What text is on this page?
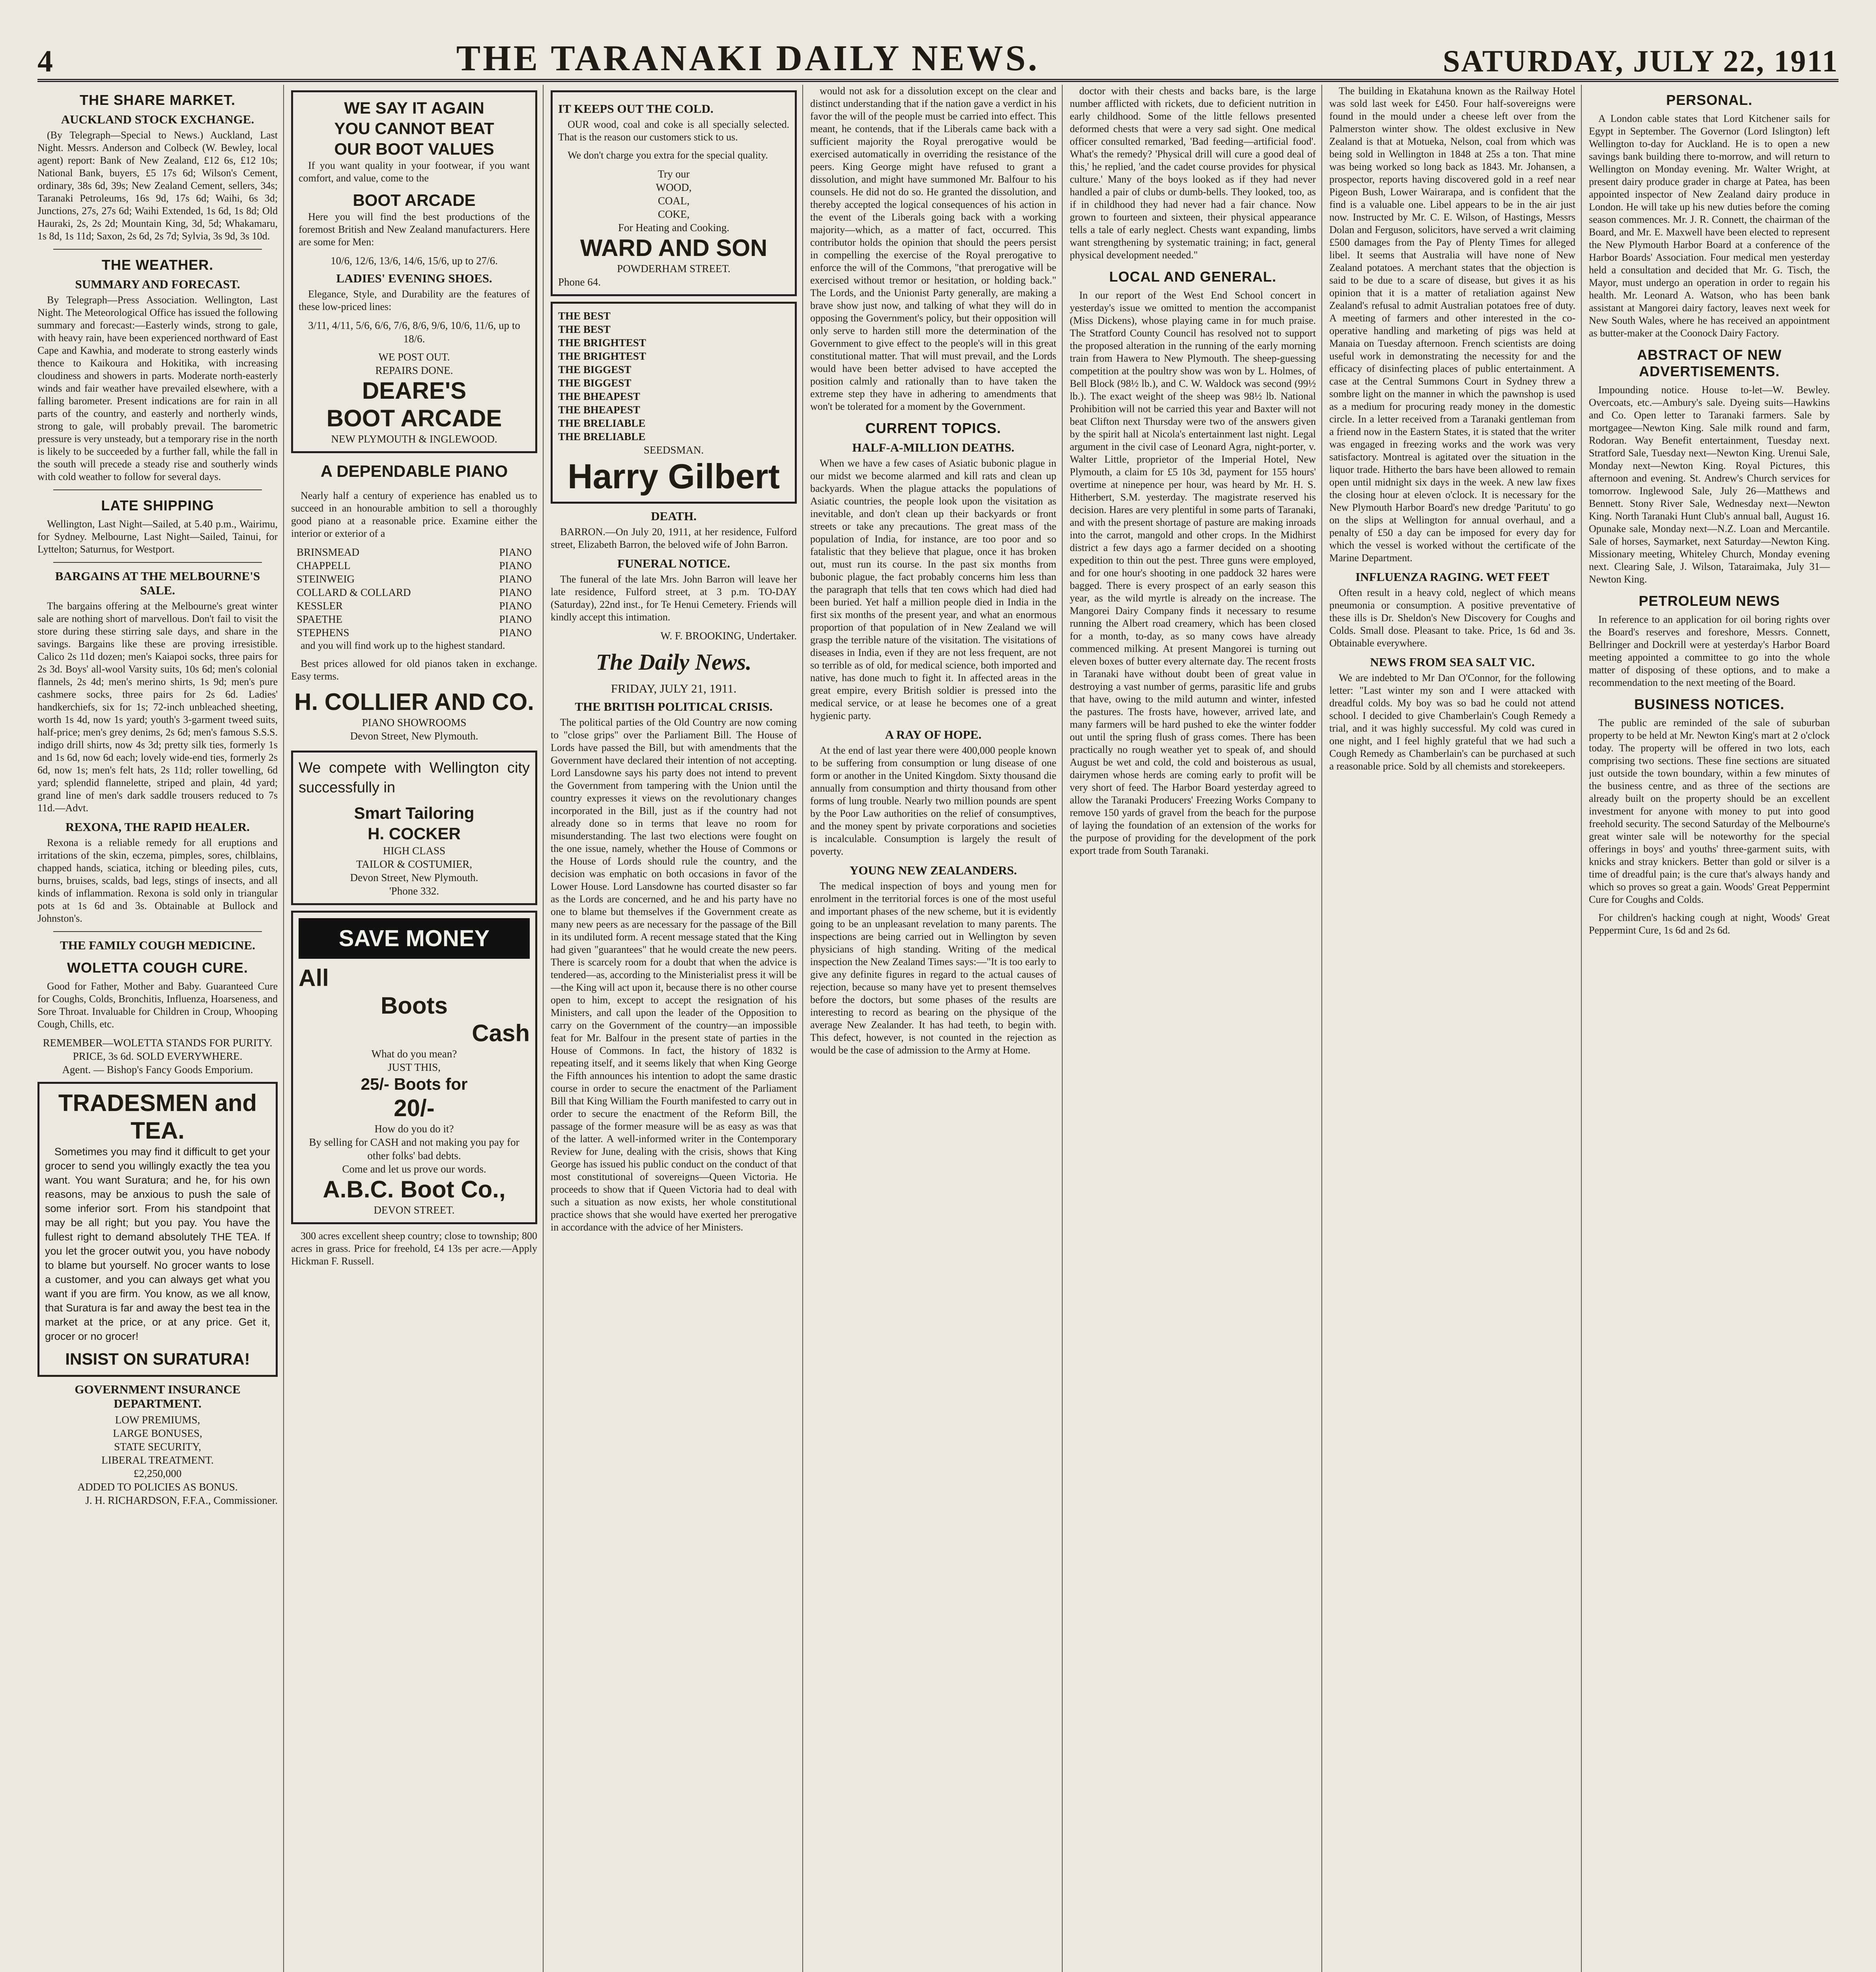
4	THE TARANAKI DAILY NEWS.	SATURDAY, JULY 22, 1911
THE SHARE MARKET.
AUCKLAND STOCK EXCHANGE.

(By Telegraph—Special to News.) Auckland, Last Night. Messrs. Anderson and Colbeck (W. Bewley, local agent) report: Bank of New Zealand, £12 6s, £12 10s; National Bank, buyers, £5 17s 6d; Wilson's Cement, ordinary, 38s 6d, 39s; New Zealand Cement, sellers, 34s; Taranaki Petroleums, 16s 9d, 17s 6d; Waihi, 6s 3d; Junctions, 27s, 27s 6d; Waihi Extended, 1s 6d, 1s 8d; Old Hauraki, 2s, 2s 2d; Mountain King, 3d, 5d; Whakamaru, 1s 8d, 1s 11d; Saxon, 2s 6d, 2s 7d; Sylvia, 3s 9d, 3s 10d.

THE WEATHER.
SUMMARY AND FORECAST.

By Telegraph—Press Association. Wellington, Last Night. The Meteorological Office has issued the following summary and forecast:—Easterly winds, strong to gale, with heavy rain, have been experienced northward of East Cape and Kawhia, and moderate to strong easterly winds thence to Kaikoura and Hokitika, with increasing cloudiness and showers in parts. Moderate north-easterly winds and fair weather have prevailed elsewhere, with a falling barometer. Present indications are for rain in all parts of the country, and easterly and northerly winds, strong to gale, will probably prevail. The barometric pressure is very unsteady, but a temporary rise in the north is likely to be succeeded by a further fall, while the fall in the south will precede a steady rise and southerly winds with cold weather to follow for several days.

LATE SHIPPING

Wellington, Last Night—Sailed, at 5.40 p.m., Wairimu, for Sydney. Melbourne, Last Night—Sailed, Tainui, for Lyttelton; Saturnus, for Westport.

BARGAINS AT THE MELBOURNE'S SALE.

The bargains offering at the Melbourne's great winter sale are nothing short of marvellous. Don't fail to visit the store during these stirring sale days, and share in the savings. Bargains like these are proving irresistible. Calico 2s 11d dozen; men's Kaiapoi socks, three pairs for 2s 3d. Boys' all-wool Varsity suits, 10s 6d; men's colonial flannels, 2s 4d; men's merino shirts, 1s 9d; men's pure cashmere socks, three pairs for 2s 6d. Ladies' handkerchiefs, six for 1s; 72-inch unbleached sheeting, worth 1s 4d, now 1s yard; youth's 3-garment tweed suits, half-price; men's grey denims, 2s 6d; men's famous S.S.S. indigo drill shirts, now 4s 3d; pretty silk ties, formerly 1s and 1s 6d, now 6d each; lovely wide-end ties, formerly 2s 6d, now 1s; men's felt hats, 2s 11d; roller towelling, 6d yard; splendid flannelette, striped and plain, 4d yard; grand line of men's dark saddle trousers reduced to 7s 11d.—Advt.

REXONA, THE RAPID HEALER.

Rexona is a reliable remedy for all eruptions and irritations of the skin, eczema, pimples, sores, chilblains, chapped hands, sciatica, itching or bleeding piles, cuts, burns, bruises, scalds, bad legs, stings of insects, and all kinds of inflammation. Rexona is sold only in triangular pots at 1s 6d and 3s. Obtainable at Bullock and Johnston's.

THE FAMILY COUGH MEDICINE.
WOLETTA COUGH CURE.

Good for Father, Mother and Baby. Guaranteed Cure for Coughs, Colds, Bronchitis, Influenza, Hoarseness, and Sore Throat. Invaluable for Children in Croup, Whooping Cough, Chills, etc.

REMEMBER—WOLETTA STANDS FOR PURITY.
PRICE, 3s 6d. SOLD EVERYWHERE.
Agent. — Bishop's Fancy Goods Emporium.
TRADESMEN and TEA.

Sometimes you may find it difficult to get your grocer to send you willingly exactly the tea you want. You want Suratura; and he, for his own reasons, may be anxious to push the sale of some inferior sort. From his standpoint that may be all right; but you pay. You have the fullest right to demand absolutely THE TEA. If you let the grocer outwit you, you have nobody to blame but yourself. No grocer wants to lose a customer, and you can always get what you want if you are firm. You know, as we all know, that Suratura is far and away the best tea in the market at the price, or at any price. Get it, grocer or no grocer!

INSIST ON SURATURA!
GOVERNMENT INSURANCE DEPARTMENT.
LOW PREMIUMS,
LARGE BONUSES,
STATE SECURITY,
LIBERAL TREATMENT.
£2,250,000
ADDED TO POLICIES AS BONUS.
J. H. RICHARDSON, F.F.A., Commissioner.
WE SAY IT AGAIN
YOU CANNOT BEAT
OUR BOOT VALUES

If you want quality in your footwear, if you want comfort, and value, come to the

BOOT ARCADE

Here you will find the best productions of the foremost British and New Zealand manufacturers. Here are some for Men:

10/6, 12/6, 13/6, 14/6, 15/6, up to 27/6.
LADIES' EVENING SHOES.

Elegance, Style, and Durability are the features of these low-priced lines:

3/11, 4/11, 5/6, 6/6, 7/6, 8/6, 9/6, 10/6, 11/6, up to 18/6.
WE POST OUT.
REPAIRS DONE.
DEARE'S
BOOT ARCADE
NEW PLYMOUTH & INGLEWOOD.
A DEPENDABLE PIANO

Nearly half a century of experience has enabled us to succeed in an honourable ambition to sell a thoroughly good piano at a reasonable price. Examine either the interior or exterior of a

BRINSMEAD	PIANO
CHAPPELL	PIANO
STEINWEIG	PIANO
COLLARD & COLLARD	PIANO
KESSLER	PIANO
SPAETHE	PIANO
STEPHENS	PIANO

and you will find work up to the highest standard.

Best prices allowed for old pianos taken in exchange. Easy terms.

H. COLLIER AND CO.
PIANO SHOWROOMS
Devon Street, New Plymouth.

We compete with Wellington city successfully in

Smart Tailoring
H. COCKER
HIGH CLASS
TAILOR & COSTUMIER,
Devon Street, New Plymouth.
'Phone 332.
SAVE MONEY
All
Boots
Cash
What do you mean?
JUST THIS,
25/- Boots for
20/-
How do you do it?
By selling for CASH and not making you pay for other folks' bad debts.
Come and let us prove our words.
A.B.C. Boot Co.,
DEVON STREET.

300 acres excellent sheep country; close to township; 800 acres in grass. Price for freehold, £4 13s per acre.—Apply Hickman F. Russell.

IT KEEPS OUT THE COLD.

OUR wood, coal and coke is all specially selected. That is the reason our customers stick to us.

We don't charge you extra for the special quality.

Try our
WOOD,
COAL,
COKE,
For Heating and Cooking.
WARD AND SON
POWDERHAM STREET.
Phone 64.
THE BEST
THE BEST
THE BRIGHTEST
THE BRIGHTEST
THE BIGGEST
THE BIGGEST
THE BHEAPEST
THE BHEAPEST
THE BRELIABLE
THE BRELIABLE
SEEDSMAN.
Harry Gilbert
DEATH.

BARRON.—On July 20, 1911, at her residence, Fulford street, Elizabeth Barron, the beloved wife of John Barron.

FUNERAL NOTICE.

The funeral of the late Mrs. John Barron will leave her late residence, Fulford street, at 3 p.m. TO-DAY (Saturday), 22nd inst., for Te Henui Cemetery. Friends will kindly accept this intimation.

W. F. BROOKING, Undertaker.
The Daily News.
FRIDAY, JULY 21, 1911.
THE BRITISH POLITICAL CRISIS.

The political parties of the Old Country are now coming to "close grips" over the Parliament Bill. The House of Lords have passed the Bill, but with amendments that the Government have declared their intention of not accepting. Lord Lansdowne says his party does not intend to prevent the Government from tampering with the Union until the country expresses it views on the revolutionary changes incorporated in the Bill, just as if the country had not already done so in terms that leave no room for misunderstanding. The last two elections were fought on the one issue, namely, whether the House of Commons or the House of Lords should rule the country, and the decision was emphatic on both occasions in favor of the Lower House. Lord Lansdowne has courted disaster so far as the Lords are concerned, and he and his party have no one to blame but themselves if the Government create as many new peers as are necessary for the passage of the Bill in its undiluted form. A recent message stated that the King had given "guarantees" that he would create the new peers. There is scarcely room for a doubt that when the advice is tendered—as, according to the Ministerialist press it will be—the King will act upon it, because there is no other course open to him, except to accept the resignation of his Ministers, and call upon the leader of the Opposition to carry on the Government of the country—an impossible feat for Mr. Balfour in the present state of parties in the House of Commons. In fact, the history of 1832 is repeating itself, and it seems likely that when King George the Fifth announces his intention to adopt the same drastic course in order to secure the enactment of the Parliament Bill that King William the Fourth manifested to carry out in order to secure the enactment of the Reform Bill, the passage of the former measure will be as easy as was that of the latter. A well-informed writer in the Contemporary Review for June, dealing with the crisis, shows that King George has issued his public conduct on the conduct of that most constitutional of sovereigns—Queen Victoria. He proceeds to show that if Queen Victoria had to deal with such a situation as now exists, her whole constitutional practice shows that she would have exerted her prerogative in accordance with the advice of her Ministers.

would not ask for a dissolution except on the clear and distinct understanding that if the nation gave a verdict in his favor the will of the people must be carried into effect. This meant, he contends, that if the Liberals came back with a sufficient majority the Royal prerogative would be exercised automatically in overriding the resistance of the peers. King George might have refused to grant a dissolution, and might have summoned Mr. Balfour to his counsels. He did not do so. He granted the dissolution, and thereby accepted the logical consequences of his action in the event of the Liberals going back with a working majority—which, as a matter of fact, occurred. This contributor holds the opinion that should the peers persist in compelling the exercise of the Royal prerogative to enforce the will of the Commons, "that prerogative will be exercised without tremor or hesitation, or holding back." The Lords, and the Unionist Party generally, are making a brave show just now, and talking of what they will do in opposing the Government's policy, but their opposition will only serve to harden still more the determination of the Government to give effect to the people's will in this great constitutional matter. That will must prevail, and the Lords would have been better advised to have accepted the position calmly and rationally than to have taken the extreme step they have in adhering to amendments that won't be tolerated for a moment by the Government.

CURRENT TOPICS.
HALF-A-MILLION DEATHS.

When we have a few cases of Asiatic bubonic plague in our midst we become alarmed and kill rats and clean up backyards. When the plague attacks the populations of Asiatic countries, the people look upon the visitation as inevitable, and don't clean up their backyards or front streets or take any precautions. The great mass of the population of India, for instance, are too poor and so fatalistic that they believe that plague, once it has broken out, must run its course. In the past six months from bubonic plague, the fact probably concerns him less than the paragraph that tells that ten cows which had died had been buried. Yet half a million people died in India in the first six months of the present year, and what an enormous proportion of that population of in New Zealand we will grasp the terrible nature of the visitation. The visitations of diseases in India, even if they are not less frequent, are not so terrible as of old, for medical science, both imported and native, has done much to fight it. In affected areas in the great empire, every British soldier is pressed into the medical service, or at lease he becomes one of a great hygienic party.

A RAY OF HOPE.

At the end of last year there were 400,000 people known to be suffering from consumption or lung disease of one form or another in the United Kingdom. Sixty thousand die annually from consumption and thirty thousand from other forms of lung trouble. Nearly two million pounds are spent by the Poor Law authorities on the relief of consumptives, and the money spent by private corporations and societies is incalculable. Consumption is largely the result of poverty.

YOUNG NEW ZEALANDERS.

The medical inspection of boys and young men for enrolment in the territorial forces is one of the most useful and important phases of the new scheme, but it is evidently going to be an unpleasant revelation to many parents. The inspections are being carried out in Wellington by seven physicians of high standing. Writing of the medical inspection the New Zealand Times says:—"It is too early to give any definite figures in regard to the actual causes of rejection, because so many have yet to present themselves before the doctors, but some phases of the results are interesting to record as bearing on the physique of the average New Zealander. It has had teeth, to begin with. This defect, however, is not counted in the rejection as would be the case of admission to the Army at Home.

doctor with their chests and backs bare, is the large number afflicted with rickets, due to deficient nutrition in early childhood. Some of the little fellows presented deformed chests that were a very sad sight. One medical officer consulted remarked, 'Bad feeding—artificial food'. What's the remedy? 'Physical drill will cure a good deal of this,' he replied, 'and the cadet course provides for physical culture.' Many of the boys looked as if they had never handled a pair of clubs or dumb-bells. They looked, too, as if in childhood they had never had a fair chance. Now grown to fourteen and sixteen, their physical appearance tells a tale of early neglect. Chests want expanding, limbs want strengthening by systematic training; in fact, general physical development needed."

LOCAL AND GENERAL.

In our report of the West End School concert in yesterday's issue we omitted to mention the accompanist (Miss Dickens), whose playing came in for much praise. The Stratford County Council has resolved not to support the proposed alteration in the running of the early morning train from Hawera to New Plymouth. The sheep-guessing competition at the poultry show was won by L. Holmes, of Bell Block (98½ lb.), and C. W. Waldock was second (99½ lb.). The exact weight of the sheep was 98½ lb. National Prohibition will not be carried this year and Baxter will not beat Clifton next Thursday were two of the answers given by the spirit hall at Nicola's entertainment last night. Legal argument in the civil case of Leonard Agra, night-porter, v. Walter Little, proprietor of the Imperial Hotel, New Plymouth, a claim for £5 10s 3d, payment for 155 hours' overtime at ninepence per hour, was heard by Mr. H. S. Hitherbert, S.M. yesterday. The magistrate reserved his decision. Hares are very plentiful in some parts of Taranaki, and with the present shortage of pasture are making inroads into the carrot, mangold and other crops. In the Midhirst district a few days ago a farmer decided on a shooting expedition to thin out the pest. Three guns were employed, and for one hour's shooting in one paddock 32 hares were bagged. There is every prospect of an early season this year, as the wild myrtle is already on the increase. The Mangorei Dairy Company finds it necessary to resume running the Albert road creamery, which has been closed for a month, to-day, as so many cows have already commenced milking. At present Mangorei is turning out eleven boxes of butter every alternate day. The recent frosts in Taranaki have without doubt been of great value in destroying a vast number of germs, parasitic life and grubs that have, owing to the mild autumn and winter, infested the pastures. The frosts have, however, arrived late, and many farmers will be hard pushed to eke the winter fodder out until the spring flush of grass comes. There has been practically no rough weather yet to speak of, and should August be wet and cold, the cold and boisterous as usual, dairymen whose herds are coming early to profit will be very short of feed. The Harbor Board yesterday agreed to allow the Taranaki Producers' Freezing Works Company to remove 150 yards of gravel from the beach for the purpose of laying the foundation of an extension of the works for the purpose of providing for the development of the pork export trade from South Taranaki.

The building in Ekatahuna known as the Railway Hotel was sold last week for £450. Four half-sovereigns were found in the mould under a cheese left over from the Palmerston winter show. The oldest exclusive in New Zealand is that at Motueka, Nelson, coal from which was being sold in Wellington in 1848 at 25s a ton. That mine was being worked so long back as 1843. Mr. Johansen, a prospector, reports having discovered gold in a reef near Pigeon Bush, Lower Wairarapa, and is confident that the find is a valuable one. Libel appears to be in the air just now. Instructed by Mr. C. E. Wilson, of Hastings, Messrs Dolan and Ferguson, solicitors, have served a writ claiming £500 damages from the Pay of Plenty Times for alleged libel. It seems that Australia will have none of New Zealand potatoes. A merchant states that the objection is said to be due to a scare of disease, but gives it as his opinion that it is a matter of retaliation against New Zealand's refusal to admit Australian potatoes free of duty. A meeting of farmers and other interested in the co-operative handling and marketing of pigs was held at Manaia on Tuesday afternoon. French scientists are doing useful work in demonstrating the necessity for and the efficacy of disinfecting places of public entertainment. A case at the Central Summons Court in Sydney threw a sombre light on the manner in which the pawnshop is used as a medium for procuring ready money in the domestic circle. In a letter received from a Taranaki gentleman from a friend now in the Eastern States, it is stated that the writer was engaged in freezing works and the work was very satisfactory. Montreal is agitated over the situation in the liquor trade. Hitherto the bars have been allowed to remain open until midnight six days in the week. A new law fixes the closing hour at eleven o'clock. It is necessary for the New Plymouth Harbor Board's new dredge 'Paritutu' to go on the slips at Wellington for annual overhaul, and a penalty of £50 a day can be imposed for every day for which the vessel is worked without the certificate of the Marine Department.

INFLUENZA RAGING. WET FEET

Often result in a heavy cold, neglect of which means pneumonia or consumption. A positive preventative of these ills is Dr. Sheldon's New Discovery for Coughs and Colds. Small dose. Pleasant to take. Price, 1s 6d and 3s. Obtainable everywhere.

NEWS FROM SEA SALT VIC.

We are indebted to Mr Dan O'Connor, for the following letter: "Last winter my son and I were attacked with dreadful colds. My boy was so bad he could not attend school. I decided to give Chamberlain's Cough Remedy a trial, and it was highly successful. My cold was cured in one night, and I feel highly grateful that we had such a Cough Remedy as Chamberlain's can be purchased at such a reasonable price. Sold by all chemists and storekeepers.

PERSONAL.

A London cable states that Lord Kitchener sails for Egypt in September. The Governor (Lord Islington) left Wellington to-day for Auckland. He is to open a new savings bank building there to-morrow, and will return to Wellington on Monday evening. Mr. Walter Wright, at present dairy produce grader in charge at Patea, has been appointed inspector of New Zealand dairy produce in London. He will take up his new duties before the coming season commences. Mr. J. R. Connett, the chairman of the Board, and Mr. E. Maxwell have been elected to represent the New Plymouth Harbor Board at a conference of the Harbor Boards' Association. Four medical men yesterday held a consultation and decided that Mr. G. Tisch, the Mayor, must undergo an operation in order to regain his health. Mr. Leonard A. Watson, who has been bank assistant at Mangorei dairy factory, leaves next week for New South Wales, where he has received an appointment as butter-maker at the Coonock Dairy Factory.

ABSTRACT OF NEW ADVERTISEMENTS.

Impounding notice. House to-let—W. Bewley. Overcoats, etc.—Ambury's sale. Dyeing suits—Hawkins and Co. Open letter to Taranaki farmers. Sale by mortgagee—Newton King. Sale milk round and farm, Rodoran. Way Benefit entertainment, Tuesday next. Stratford Sale, Tuesday next—Newton King. Urenui Sale, Monday next—Newton King. Royal Pictures, this afternoon and evening. St. Andrew's Church services for tomorrow. Inglewood Sale, July 26—Matthews and Bennett. Stony River Sale, Wednesday next—Newton King. North Taranaki Hunt Club's annual ball, August 16. Opunake sale, Monday next—N.Z. Loan and Mercantile. Sale of horses, Saymarket, next Saturday—Newton King. Missionary meeting, Whiteley Church, Monday evening next. Clearing Sale, J. Wilson, Tataraimaka, July 31—Newton King.

PETROLEUM NEWS

In reference to an application for oil boring rights over the Board's reserves and foreshore, Messrs. Connett, Bellringer and Dockrill were at yesterday's Harbor Board meeting appointed a committee to go into the whole matter of disposing of these options, and to make a recommendation to the next meeting of the Board.

BUSINESS NOTICES.

The public are reminded of the sale of suburban property to be held at Mr. Newton King's mart at 2 o'clock today. The property will be offered in two lots, each comprising two sections. These fine sections are situated just outside the town boundary, within a few minutes of the business centre, and as three of the sections are already built on the property should be an excellent investment for anyone with money to put into good freehold security. The second Saturday of the Melbourne's great winter sale will be noteworthy for the special offerings in boys' and youths' three-garment suits, with knicks and stray knickers. Better than gold or silver is a time of dreadful pain; is the cure that's always handy and which so proves so great a gain. Woods' Great Peppermint Cure for Coughs and Colds.

For children's hacking cough at night, Woods' Great Peppermint Cure, 1s 6d and 2s 6d.
